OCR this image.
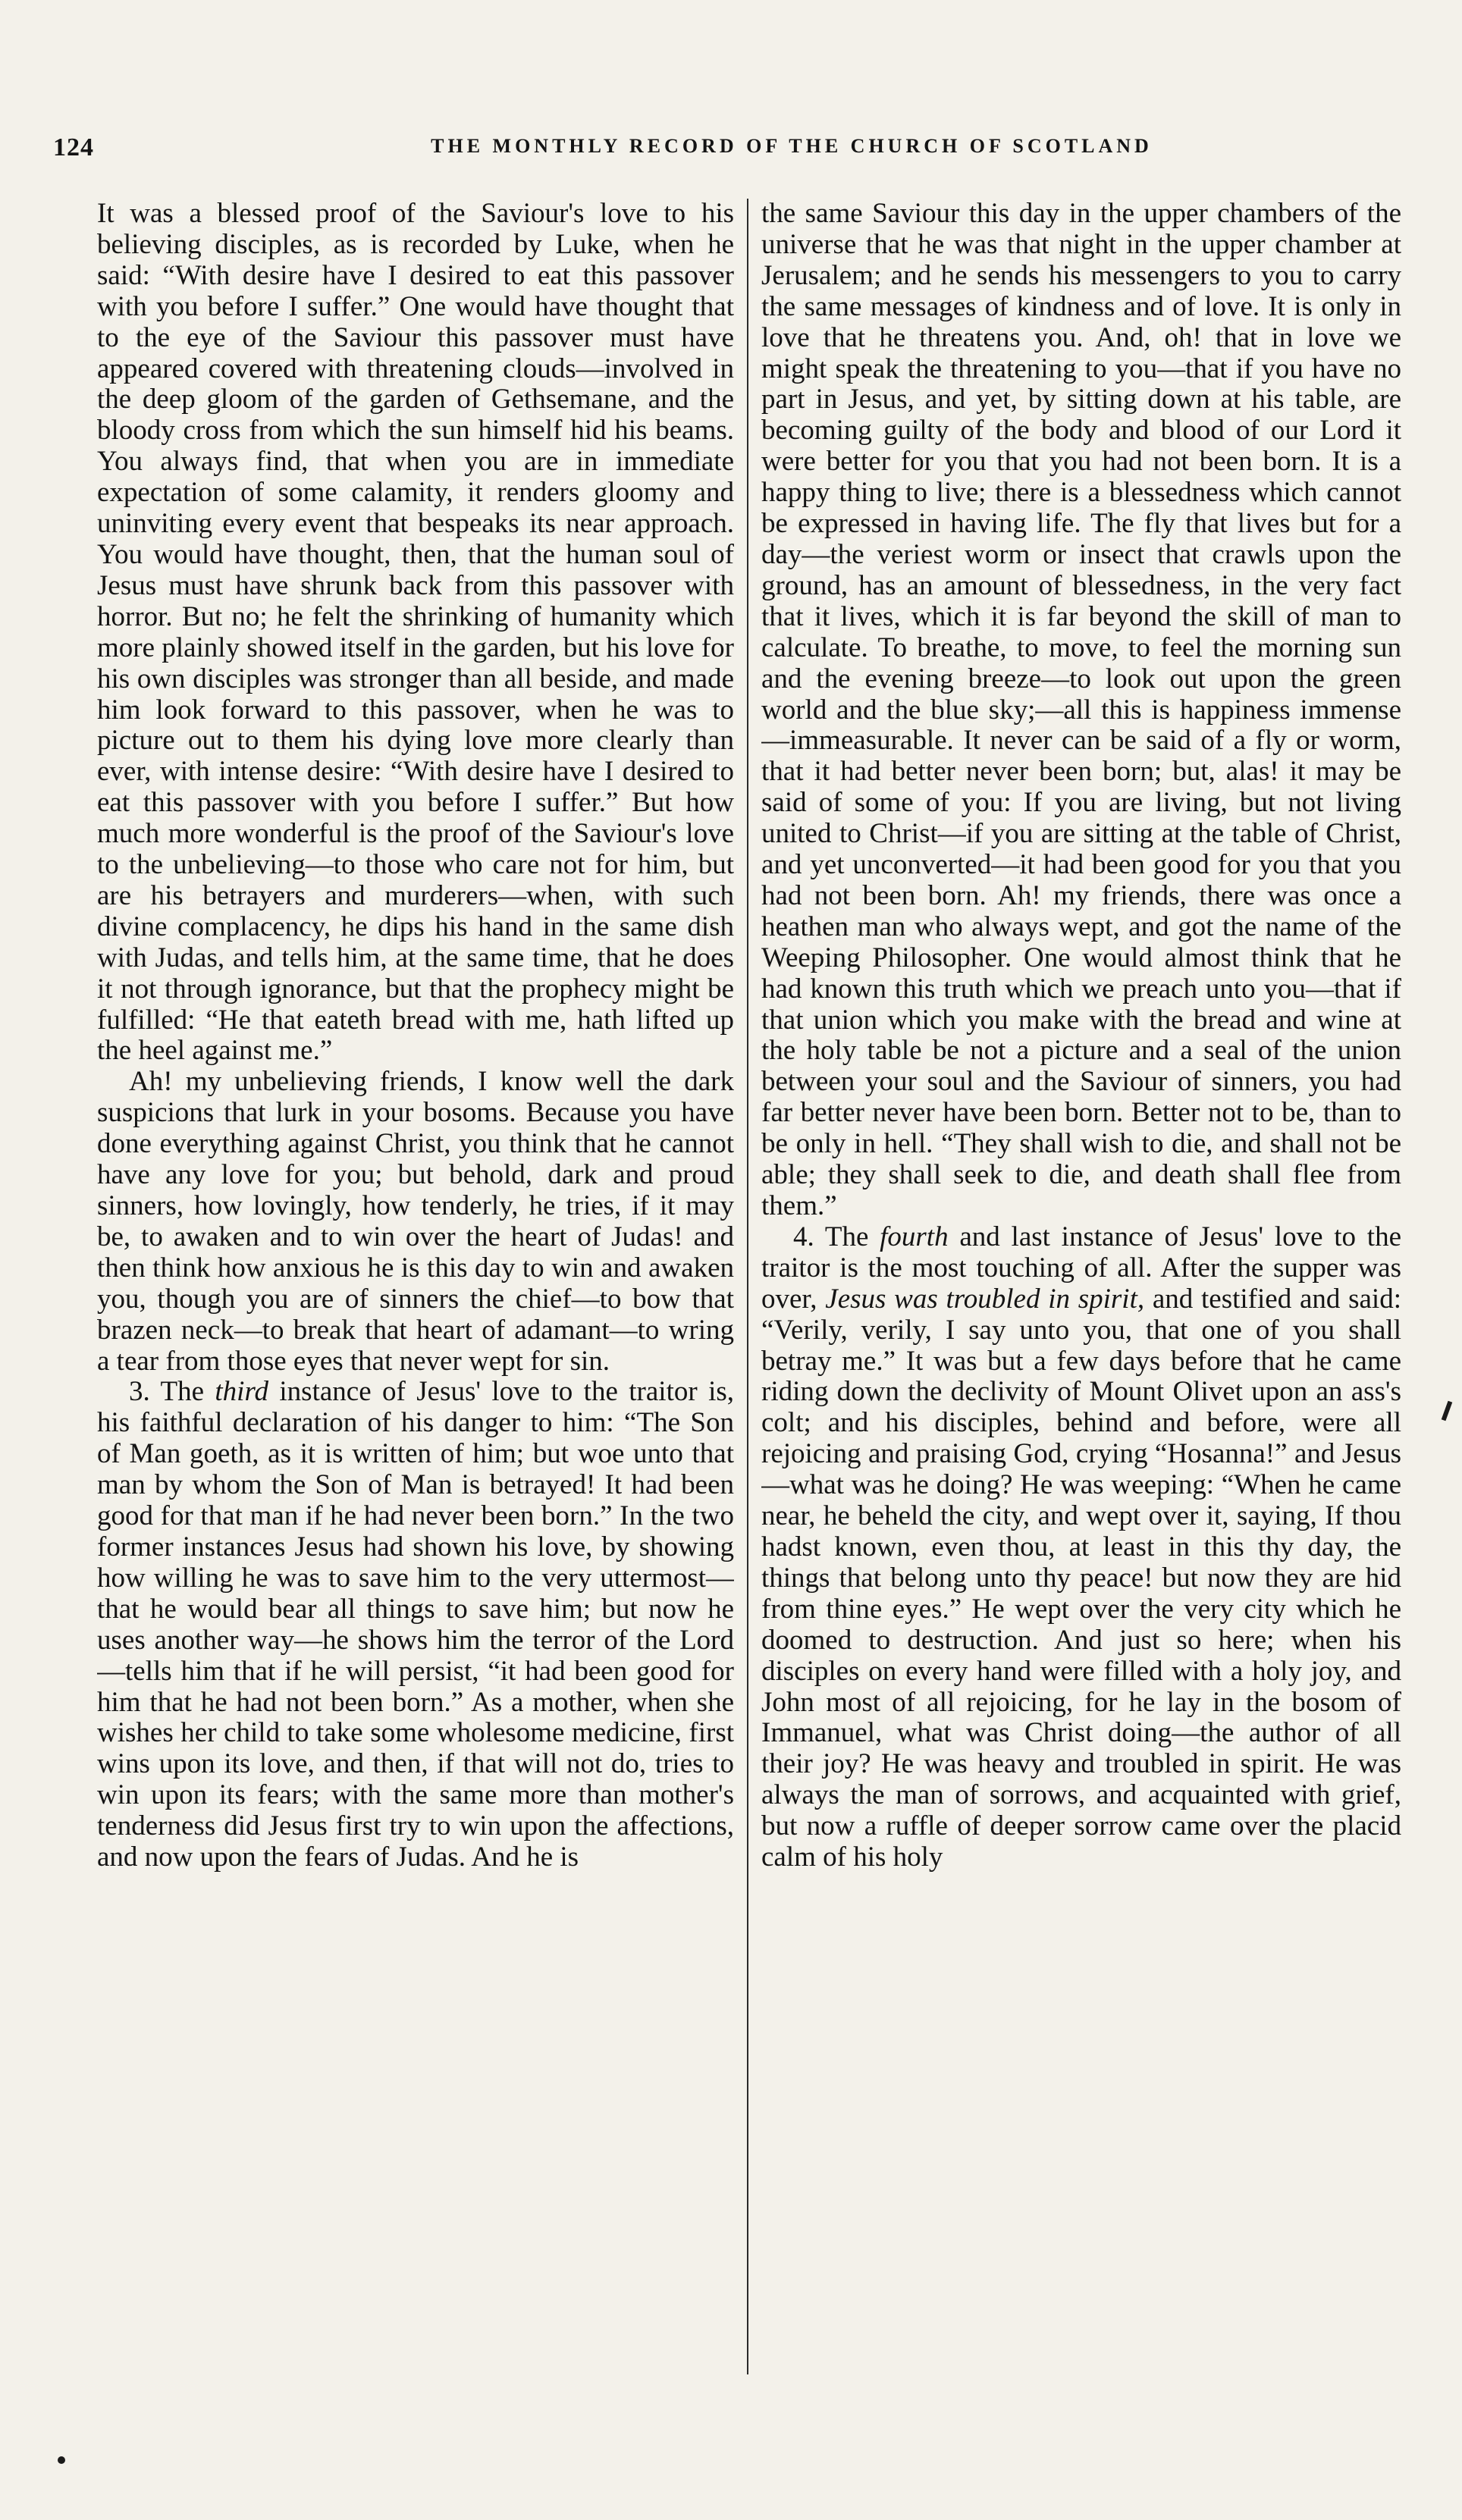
124	THE MONTHLY RECORD OF THE CHURCH OF SCOTLAND

It was a blessed proof of the Saviour's love to his believing disciples, as is recorded by Luke, when he said: “With desire have I desired to eat this passover with you before I suffer.” One would have thought that to the eye of the Saviour this passover must have appeared covered with threatening clouds—involved in the deep gloom of the garden of Gethsemane, and the bloody cross from which the sun himself hid his beams. You always find, that when you are in immediate expectation of some calamity, it renders gloomy and uninviting every event that bespeaks its near approach. You would have thought, then, that the human soul of Jesus must have shrunk back from this passover with horror. But no; he felt the shrinking of humanity which more plainly showed itself in the garden, but his love for his own disciples was stronger than all beside, and made him look forward to this passover, when he was to picture out to them his dying love more clearly than ever, with intense desire: “With desire have I desired to eat this passover with you before I suffer.” But how much more wonderful is the proof of the Saviour's love to the unbelieving—to those who care not for him, but are his betrayers and murderers—when, with such divine complacency, he dips his hand in the same dish with Judas, and tells him, at the same time, that he does it not through ignorance, but that the prophecy might be fulfilled: “He that eateth bread with me, hath lifted up the heel against me.”

Ah! my unbelieving friends, I know well the dark suspicions that lurk in your bosoms. Because you have done everything against Christ, you think that he cannot have any love for you; but behold, dark and proud sinners, how lovingly, how tenderly, he tries, if it may be, to awaken and to win over the heart of Judas! and then think how anxious he is this day to win and awaken you, though you are of sinners the chief—to bow that brazen neck—to break that heart of adamant—to wring a tear from those eyes that never wept for sin.

3. The third instance of Jesus' love to the traitor is, his faithful declaration of his danger to him: “The Son of Man goeth, as it is written of him; but woe unto that man by whom the Son of Man is betrayed! It had been good for that man if he had never been born.” In the two former instances Jesus had shown his love, by showing how willing he was to save him to the very uttermost—that he would bear all things to save him; but now he uses another way—he shows him the terror of the Lord—tells him that if he will persist, “it had been good for him that he had not been born.” As a mother, when she wishes her child to take some wholesome medicine, first wins upon its love, and then, if that will not do, tries to win upon its fears; with the same more than mother's tenderness did Jesus first try to win upon the affections, and now upon the fears of Judas. And he is

the same Saviour this day in the upper chambers of the universe that he was that night in the upper chamber at Jerusalem; and he sends his messengers to you to carry the same messages of kindness and of love. It is only in love that he threatens you. And, oh! that in love we might speak the threatening to you—that if you have no part in Jesus, and yet, by sitting down at his table, are becoming guilty of the body and blood of our Lord it were better for you that you had not been born. It is a happy thing to live; there is a blessedness which cannot be expressed in having life. The fly that lives but for a day—the veriest worm or insect that crawls upon the ground, has an amount of blessedness, in the very fact that it lives, which it is far beyond the skill of man to calculate. To breathe, to move, to feel the morning sun and the evening breeze—to look out upon the green world and the blue sky;—all this is happiness immense—immeasurable. It never can be said of a fly or worm, that it had better never been born; but, alas! it may be said of some of you: If you are living, but not living united to Christ—if you are sitting at the table of Christ, and yet unconverted—it had been good for you that you had not been born. Ah! my friends, there was once a heathen man who always wept, and got the name of the Weeping Philosopher. One would almost think that he had known this truth which we preach unto you—that if that union which you make with the bread and wine at the holy table be not a picture and a seal of the union between your soul and the Saviour of sinners, you had far better never have been born. Better not to be, than to be only in hell. “They shall wish to die, and shall not be able; they shall seek to die, and death shall flee from them.”

4. The fourth and last instance of Jesus' love to the traitor is the most touching of all. After the supper was over, Jesus was troubled in spirit, and testified and said: “Verily, verily, I say unto you, that one of you shall betray me.” It was but a few days before that he came riding down the declivity of Mount Olivet upon an ass's colt; and his disciples, behind and before, were all rejoicing and praising God, crying “Hosanna!” and Jesus—what was he doing? He was weeping: “When he came near, he beheld the city, and wept over it, saying, If thou hadst known, even thou, at least in this thy day, the things that belong unto thy peace! but now they are hid from thine eyes.” He wept over the very city which he doomed to destruction. And just so here; when his disciples on every hand were filled with a holy joy, and John most of all rejoicing, for he lay in the bosom of Immanuel, what was Christ doing—the author of all their joy? He was heavy and troubled in spirit. He was always the man of sorrows, and acquainted with grief, but now a ruffle of deeper sorrow came over the placid calm of his holy
